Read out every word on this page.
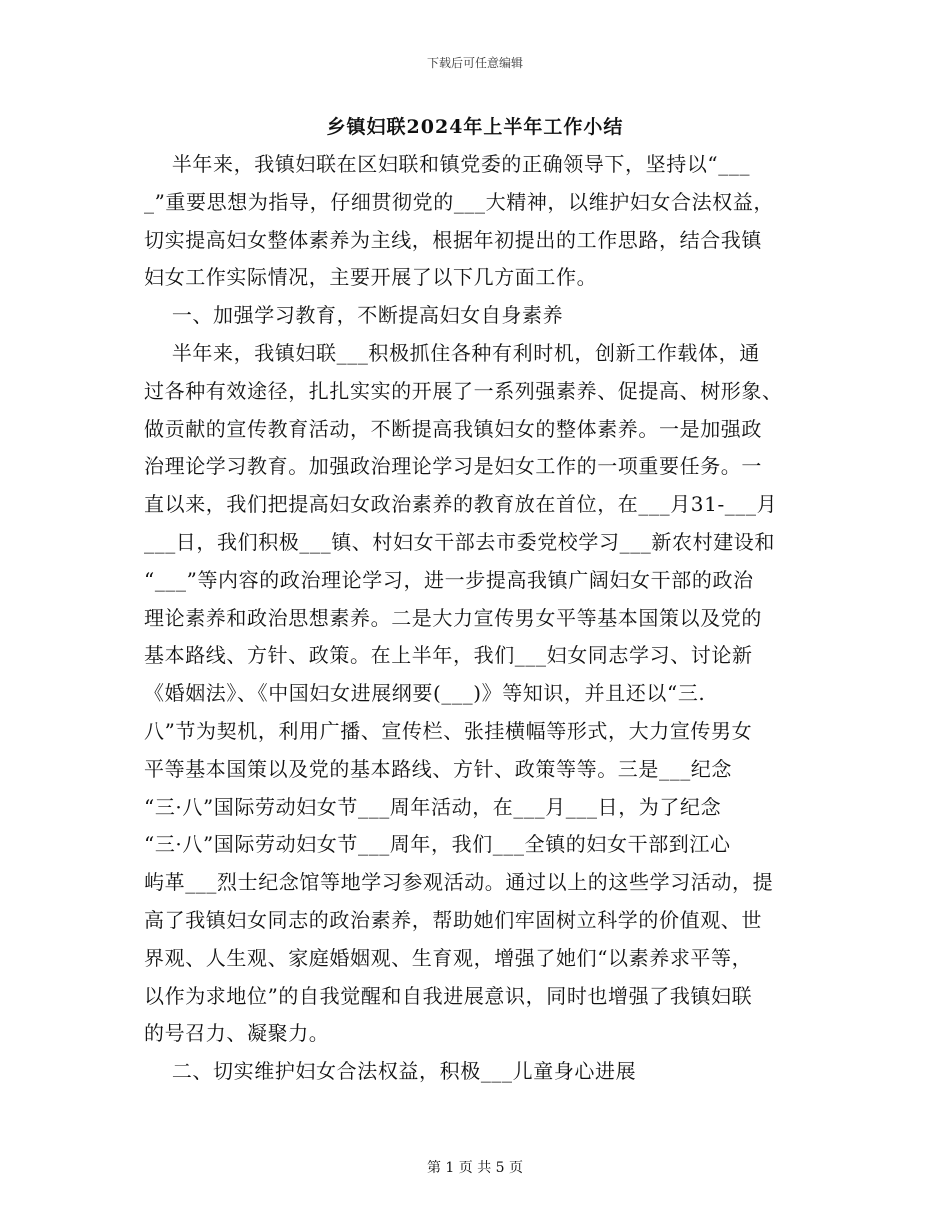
下载后可任意编辑
乡镇妇联2024年上半年工作小结
半年来，我镇妇联在区妇联和镇党委的正确领导下，坚持以“___
_”重要思想为指导，仔细贯彻党的___大精神，以维护妇女合法权益，
切实提高妇女整体素养为主线，根据年初提出的工作思路，结合我镇
妇女工作实际情况，主要开展了以下几方面工作。
一、加强学习教育，不断提高妇女自身素养
半年来，我镇妇联___积极抓住各种有利时机，创新工作载体，通
过各种有效途径，扎扎实实的开展了一系列强素养、促提高、树形象、
做贡献的宣传教育活动，不断提高我镇妇女的整体素养。一是加强政
治理论学习教育。加强政治理论学习是妇女工作的一项重要任务。一
直以来，我们把提高妇女政治素养的教育放在首位，在___月31-___月
___日，我们积极___镇、村妇女干部去市委党校学习___新农村建设和
“___”等内容的政治理论学习，进一步提高我镇广阔妇女干部的政治
理论素养和政治思想素养。二是大力宣传男女平等基本国策以及党的
基本路线、方针、政策。在上半年，我们___妇女同志学习、讨论新
《婚姻法》、《中国妇女进展纲要(___)》等知识，并且还以“三.
八”节为契机，利用广播、宣传栏、张挂横幅等形式，大力宣传男女
平等基本国策以及党的基本路线、方针、政策等等。三是___纪念
“三·八”国际劳动妇女节___周年活动，在___月___日，为了纪念
“三·八”国际劳动妇女节___周年，我们___全镇的妇女干部到江心
屿革___烈士纪念馆等地学习参观活动。通过以上的这些学习活动，提
高了我镇妇女同志的政治素养，帮助她们牢固树立科学的价值观、世
界观、人生观、家庭婚姻观、生育观，增强了她们“以素养求平等，
以作为求地位”的自我觉醒和自我进展意识，同时也增强了我镇妇联
的号召力、凝聚力。
二、切实维护妇女合法权益，积极___儿童身心进展
第 1 页 共 5 页
